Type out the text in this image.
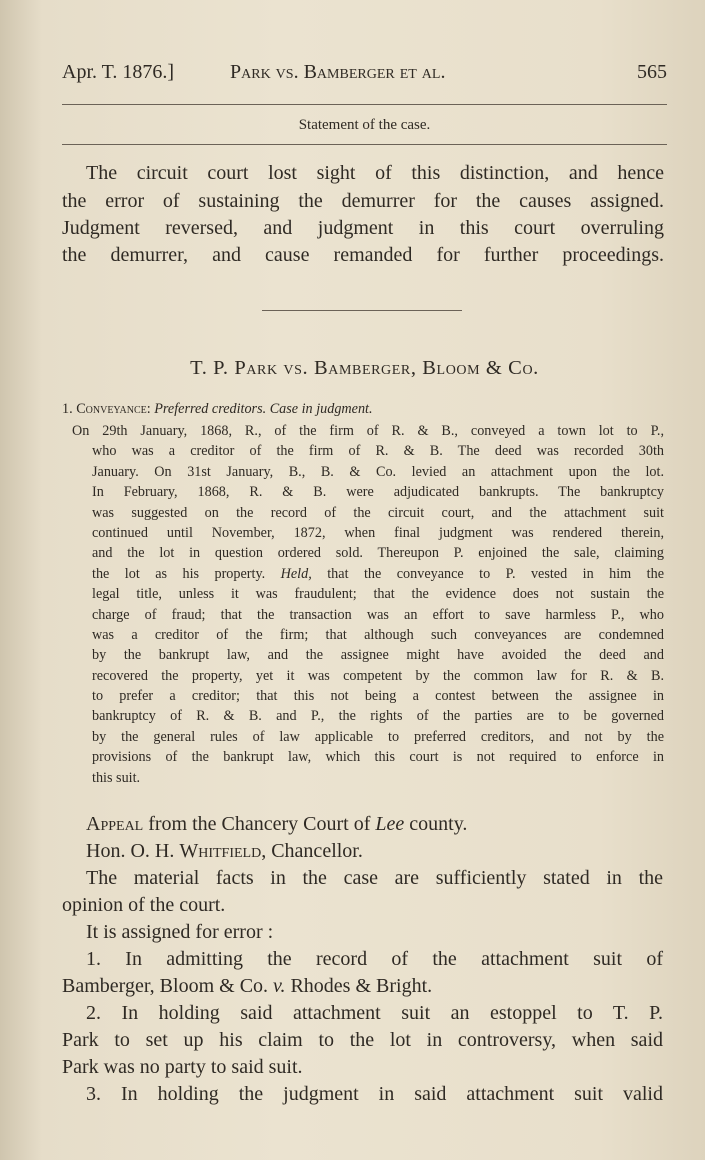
Apr. T. 1876.]	Park vs. Bamberger et al.	565
Statement of the case.
The circuit court lost sight of this distinction, and hence
the error of sustaining the demurrer for the causes assigned.
Judgment reversed, and judgment in this court overruling
the demurrer, and cause remanded for further proceedings.
T. P. Park vs. Bamberger, Bloom & Co.
1. Conveyance: Preferred creditors. Case in judgment.
On 29th January, 1868, R., of the firm of R. & B., conveyed a town lot to P.,
who was a creditor of the firm of R. & B. The deed was recorded 30th
January. On 31st January, B., B. & Co. levied an attachment upon the lot.
In February, 1868, R. & B. were adjudicated bankrupts. The bankruptcy
was suggested on the record of the circuit court, and the attachment suit
continued until November, 1872, when final judgment was rendered therein,
and the lot in question ordered sold. Thereupon P. enjoined the sale, claiming
the lot as his property. Held, that the conveyance to P. vested in him the
legal title, unless it was fraudulent; that the evidence does not sustain the
charge of fraud; that the transaction was an effort to save harmless P., who
was a creditor of the firm; that although such conveyances are condemned
by the bankrupt law, and the assignee might have avoided the deed and
recovered the property, yet it was competent by the common law for R. & B.
to prefer a creditor; that this not being a contest between the assignee in
bankruptcy of R. & B. and P., the rights of the parties are to be governed
by the general rules of law applicable to preferred creditors, and not by the
provisions of the bankrupt law, which this court is not required to enforce in
this suit.
Appeal from the Chancery Court of Lee county.
Hon. O. H. Whitfield, Chancellor.
The material facts in the case are sufficiently stated in the
opinion of the court.
It is assigned for error :
1. In admitting the record of the attachment suit of
Bamberger, Bloom & Co. v. Rhodes & Bright.
2. In holding said attachment suit an estoppel to T. P.
Park to set up his claim to the lot in controversy, when said
Park was no party to said suit.
3. In holding the judgment in said attachment suit valid
